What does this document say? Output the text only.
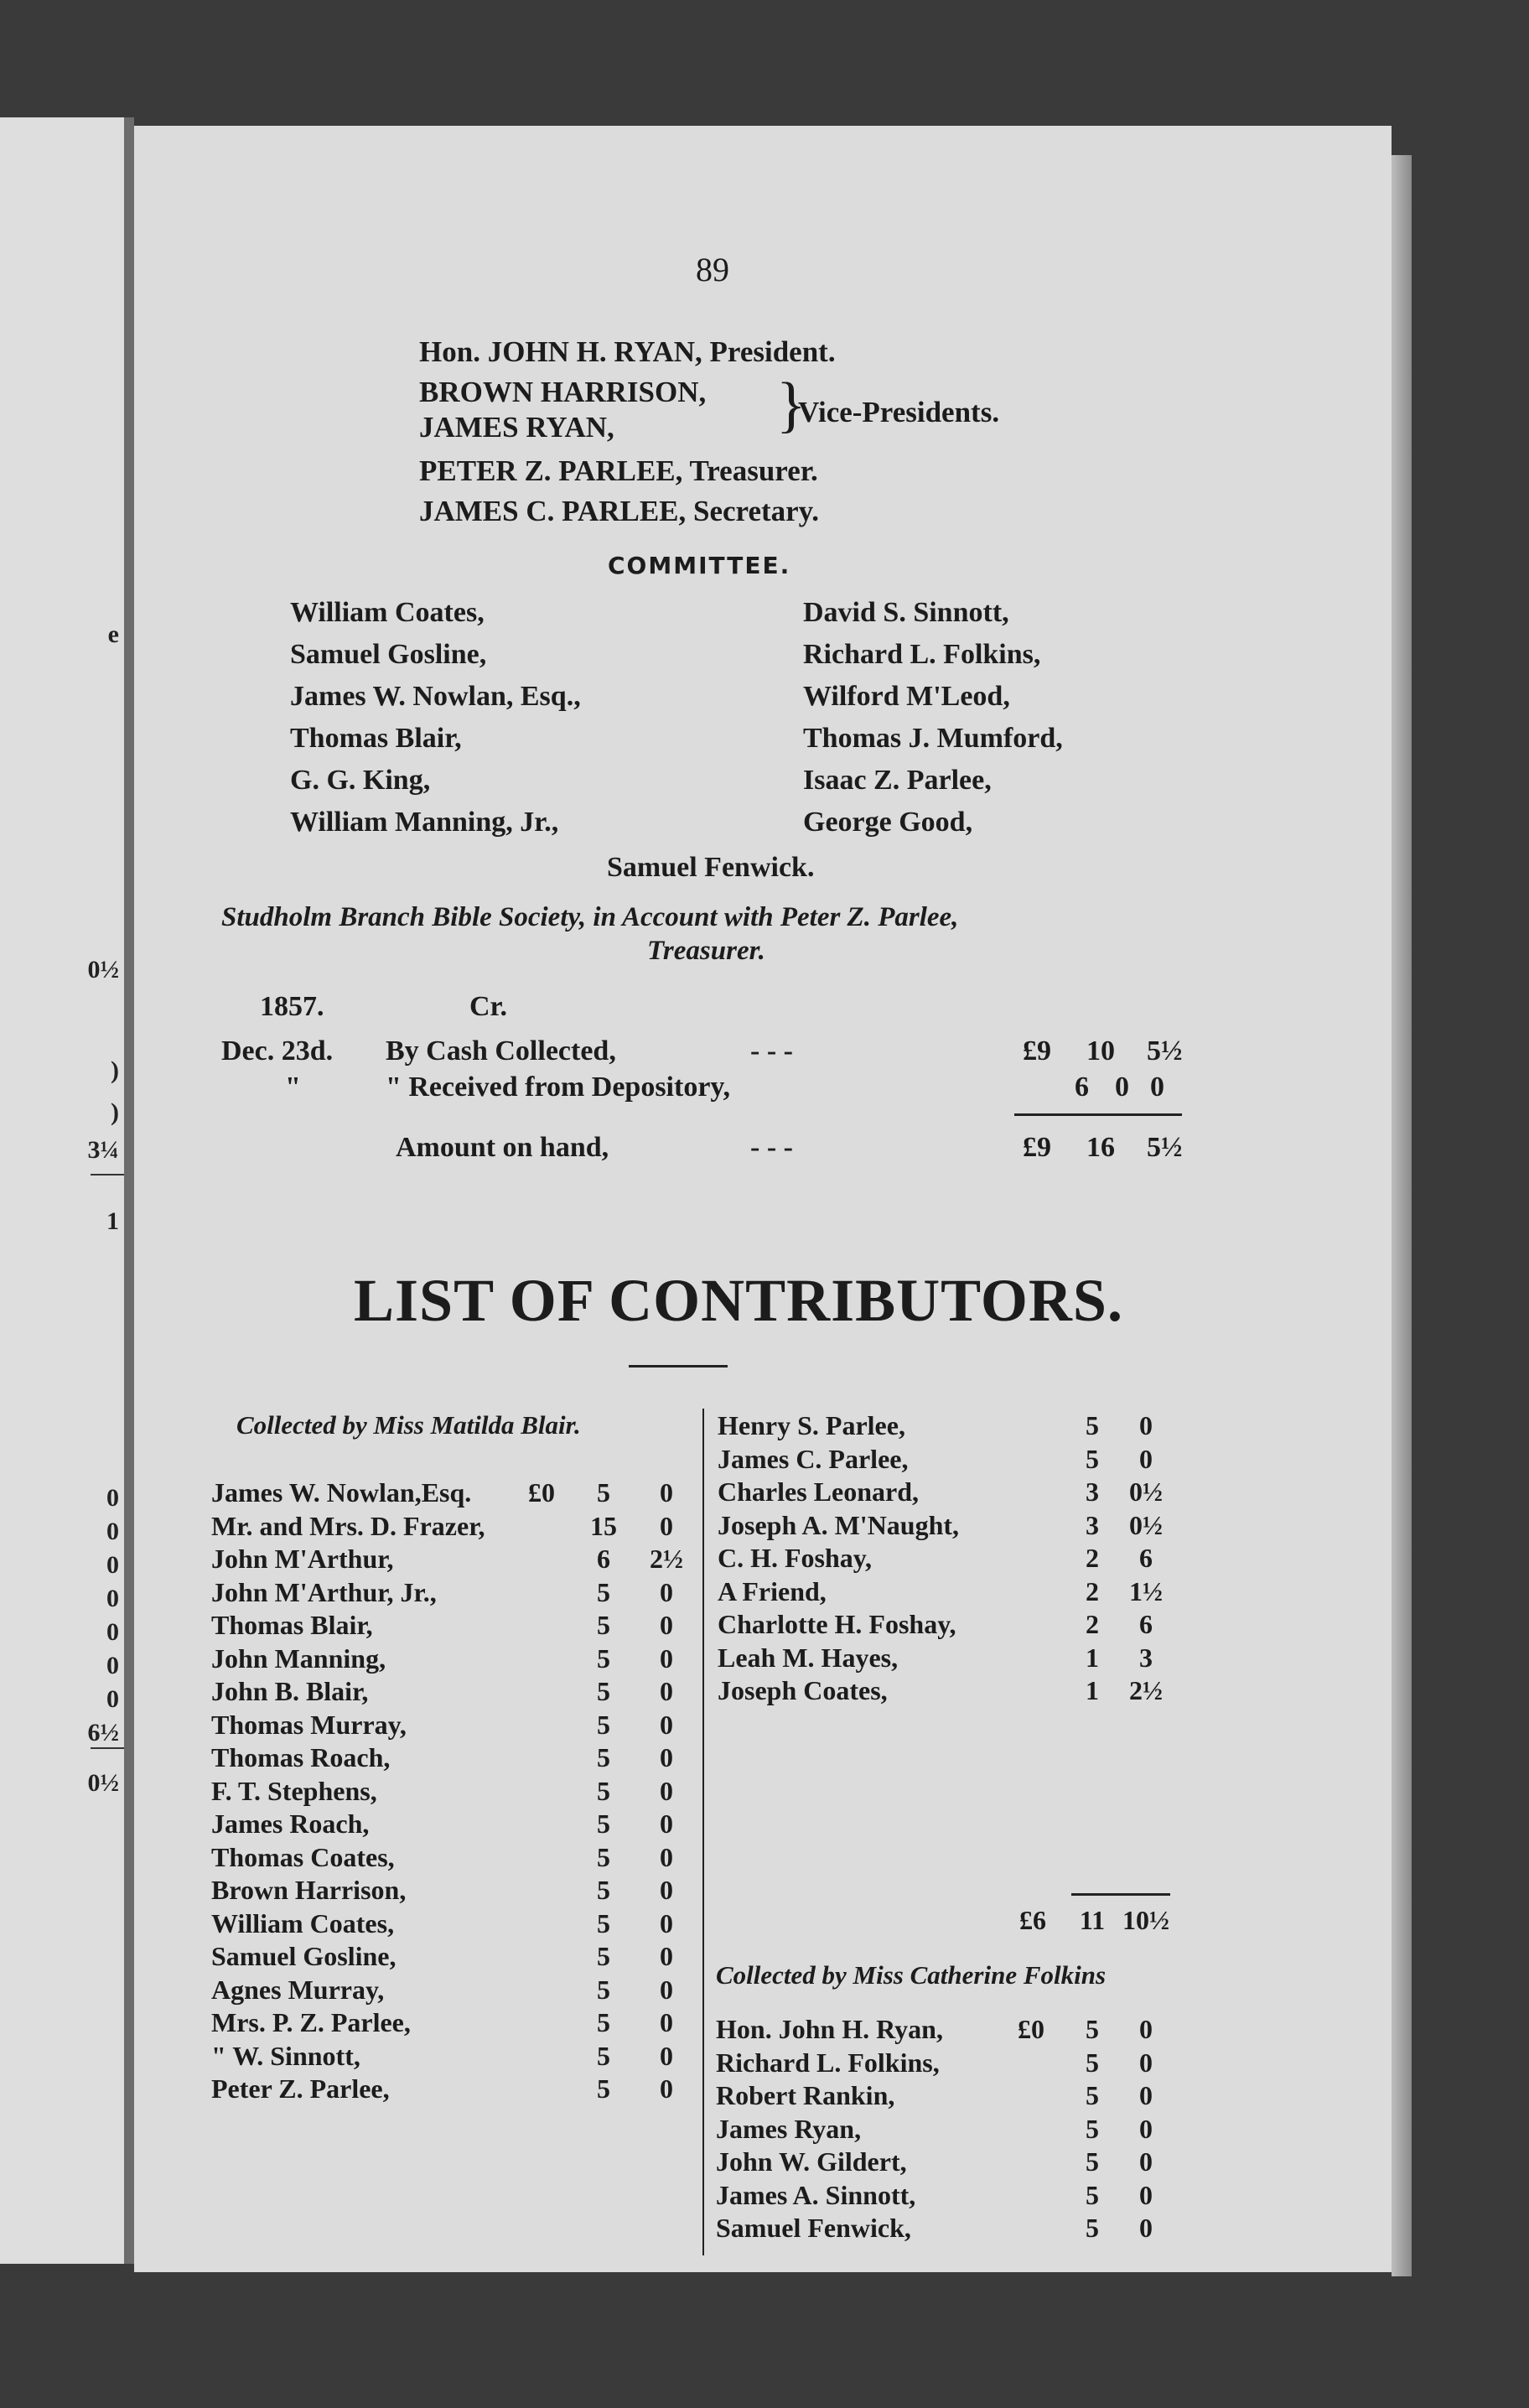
e
0½
)
)
3¼
1
0
0
0
0
0
0
0
6½
0½
89
Hon. JOHN H. RYAN, President.
BROWN HARRISON,
JAMES RYAN,	}
Vice-Presidents.
PETER Z. PARLEE, Treasurer.
JAMES C. PARLEE, Secretary.
COMMITTEE.
William Coates,
Samuel Gosline,
James W. Nowlan, Esq.,
Thomas Blair,
G. G. King,
William Manning, Jr.,
David S. Sinnott,
Richard L. Folkins,
Wilford M'Leod,
Thomas J. Mumford,
Isaac Z. Parlee,
George Good,
Samuel Fenwick.
Studholm Branch Bible Society, in Account with Peter Z. Parlee,
Treasurer.
1857.	Cr.
Dec. 23d. By Cash Collected,	- - -	£9 10 5½
"	" Received from Depository,	6 0 0
Amount on hand,	- - -	£9 16 5½
LIST OF CONTRIBUTORS.
Collected by Miss Matilda Blair.
James W. Nowlan,Esq.	£0	5	0
Mr. and Mrs. D. Frazer,	15	0
John M'Arthur,	6	2½
John M'Arthur, Jr.,	5	0
Thomas Blair,	5	0
John Manning,	5	0
John B. Blair,	5	0
Thomas Murray,	5	0
Thomas Roach,	5	0
F. T. Stephens,	5	0
James Roach,	5	0
Thomas Coates,	5	0
Brown Harrison,	5	0
William Coates,	5	0
Samuel Gosline,	5	0
Agnes Murray,	5	0
Mrs. P. Z. Parlee,	5	0
" W. Sinnott,	5	0
Peter Z. Parlee,	5	0
Henry S. Parlee,	5	0
James C. Parlee,	5	0
Charles Leonard,	3	0½
Joseph A. M'Naught,	3	0½
C. H. Foshay,	2	6
A Friend,	2	1½
Charlotte H. Foshay,	2	6
Leah M. Hayes,	1	3
Joseph Coates,	1	2½
£6	11 10½
Collected by Miss Catherine Folkins
Hon. John H. Ryan,	£0	5	0
Richard L. Folkins,	5	0
Robert Rankin,	5	0
James Ryan,	5	0
John W. Gildert,	5	0
James A. Sinnott,	5	0
Samuel Fenwick,	5	0
